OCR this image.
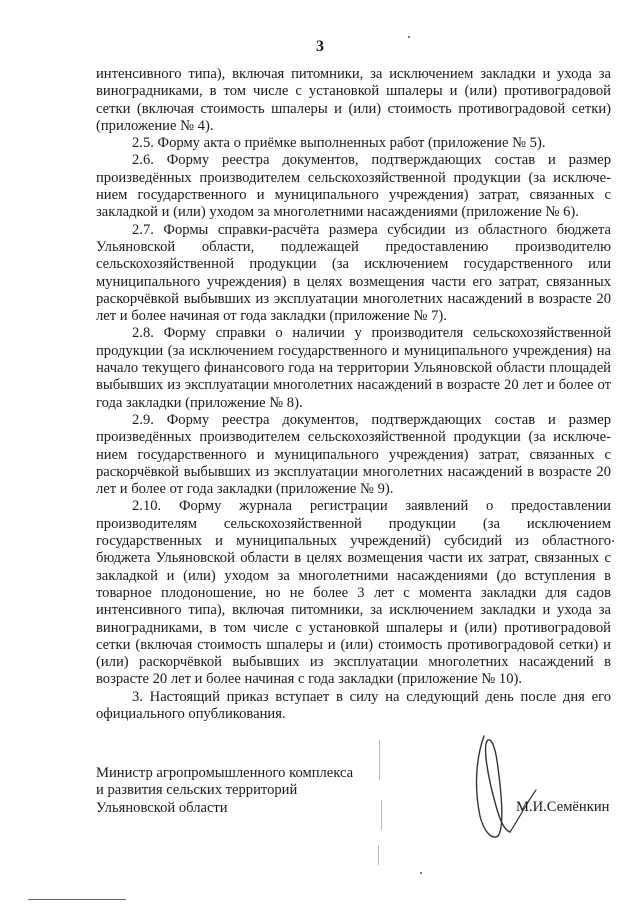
3

интенсивного типа), включая питомники, за исключением закладки и ухода за виноградниками, в том числе с установкой шпалеры и (или) противоградовой сетки (включая стоимость шпалеры и (или) стоимость противоградовой сетки) (приложение № 4).

2.5. Форму акта о приёмке выполненных работ (приложение № 5).

2.6. Форму реестра документов, подтверждающих состав и размер произведённых производителем сельскохозяйственной продукции (за исключением государственного и муниципального учреждения) затрат, связанных с закладкой и (или) уходом за многолетними насаждениями (приложение № 6).

2.7. Формы справки-расчёта размера субсидии из областного бюджета Ульяновской области, подлежащей предоставлению производителю сельскохозяйственной продукции (за исключением государственного или муниципального учреждения) в целях возмещения части его затрат, связанных раскорчёвкой выбывших из эксплуатации многолетних насаждений в возрасте 20 лет и более начиная от года закладки (приложение № 7).

2.8. Форму справки о наличии у производителя сельскохозяйственной продукции (за исключением государственного и муниципального учреждения) на начало текущего финансового года на территории Ульяновской области площадей выбывших из эксплуатации многолетних насаждений в возрасте 20 лет и более от года закладки (приложение № 8).

2.9. Форму реестра документов, подтверждающих состав и размер произведённых производителем сельскохозяйственной продукции (за исключением государственного и муниципального учреждения) затрат, связанных с раскорчёвкой выбывших из эксплуатации многолетних насаждений в возрасте 20 лет и более от года закладки (приложение № 9).

2.10. Форму журнала регистрации заявлений о предоставлении производителям сельскохозяйственной продукции (за исключением государственных и муниципальных учреждений) субсидий из областного бюджета Ульяновской области в целях возмещения части их затрат, связанных с закладкой и (или) уходом за многолетними насаждениями (до вступления в товарное плодоношение, но не более 3 лет с момента закладки для садов интенсивного типа), включая питомники, за исключением закладки и ухода за виноградниками, в том числе с установкой шпалеры и (или) противоградовой сетки (включая стоимость шпалеры и (или) стоимость противоградовой сетки) и (или) раскорчёвкой выбывших из эксплуатации многолетних насаждений в возрасте 20 лет и более начиная с года закладки (приложение № 10).

3. Настоящий приказ вступает в силу на следующий день после дня его официального опубликования.

Министр агропромышленного комплекса
и развития сельских территорий
Ульяновской области	М.И.Семёнкин
